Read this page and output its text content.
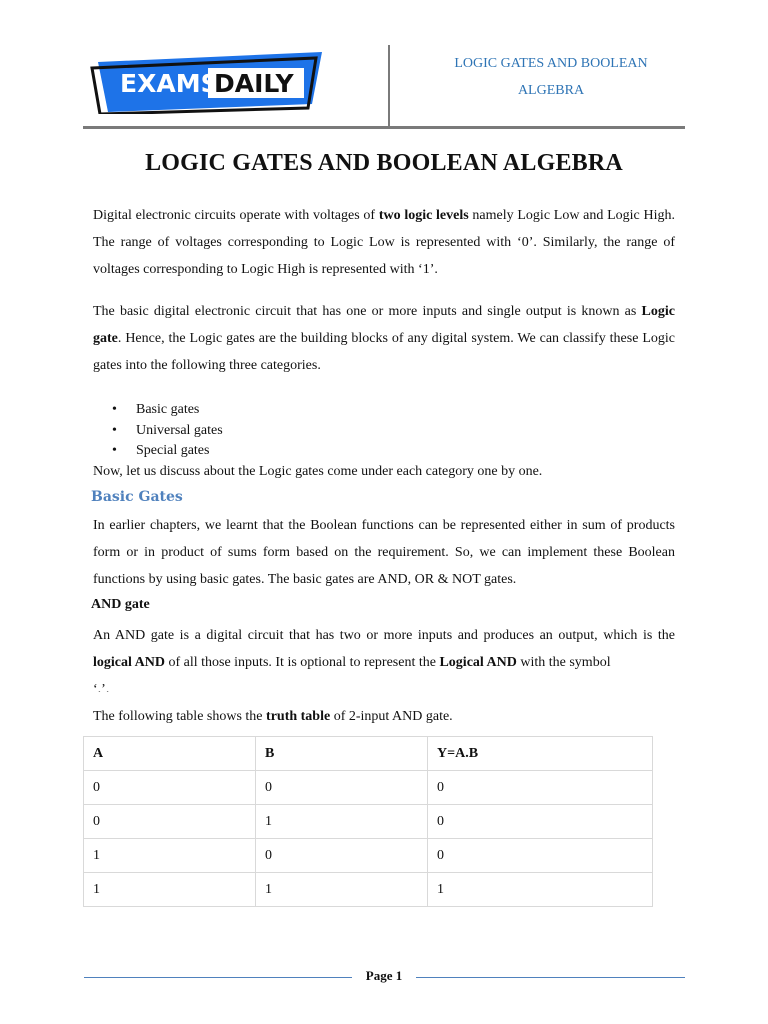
EXAMS
DAILY
LOGIC GATES AND BOOLEAN
ALGEBRA
LOGIC GATES AND BOOLEAN ALGEBRA

Digital electronic circuits operate with voltages of two logic levels namely Logic Low and Logic High. The range of voltages corresponding to Logic Low is represented with ‘0’. Similarly, the range of voltages corresponding to Logic High is represented with ‘1’.

The basic digital electronic circuit that has one or more inputs and single output is known as Logic gate. Hence, the Logic gates are the building blocks of any digital system. We can classify these Logic gates into the following three categories.

• Basic gates
• Universal gates
• Special gates
Now, let us discuss about the Logic gates come under each category one by one.
Basic Gates

In earlier chapters, we learnt that the Boolean functions can be represented either in sum of products form or in product of sums form based on the requirement. So, we can implement these Boolean functions by using basic gates. The basic gates are AND, OR & NOT gates.

AND gate

An AND gate is a digital circuit that has two or more inputs and produces an output, which is the logical AND of all those inputs. It is optional to represent the Logical AND with the symbol

‘.’.
The following table shows the truth table of 2-input AND gate.
A	B	Y=A.B
0	0	0
0	1	0
1	0	0
1	1	1
Page 1
